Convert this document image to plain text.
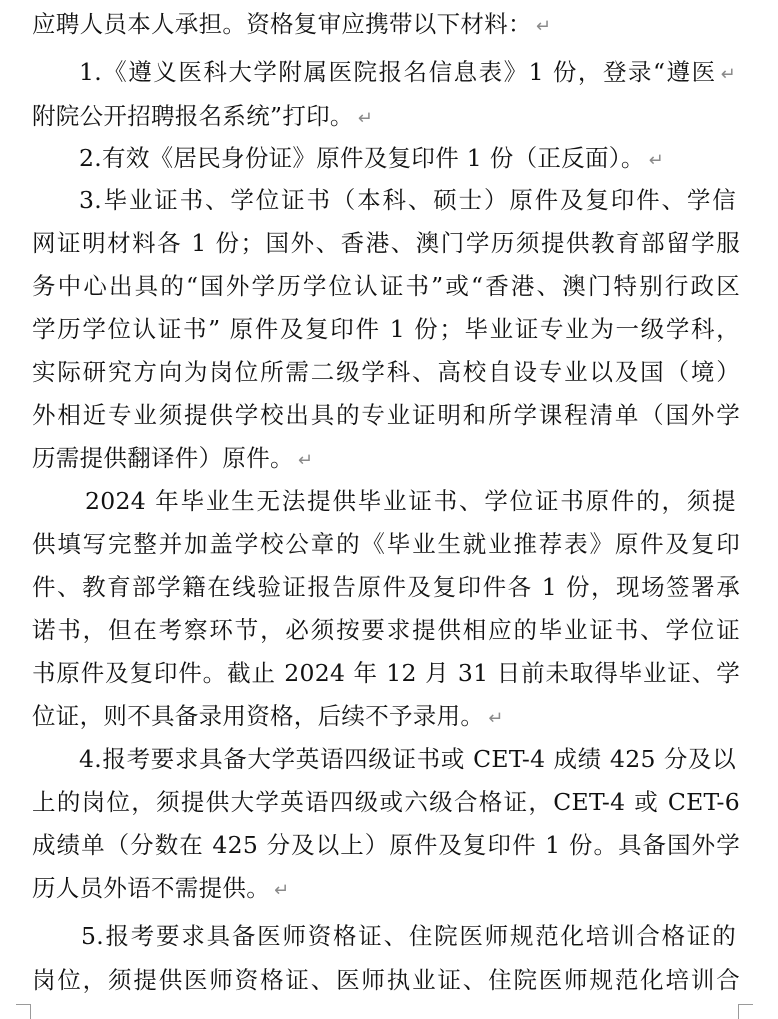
应聘人员本人承担。资格复审应携带以下材料： ↵
1.《遵义医科大学附属医院报名信息表》1 份，登录“遵医 ↵
附院公开招聘报名系统”打印。 ↵
2.有效《居民身份证》原件及复印件 1 份（正反面）。 ↵
3.毕业证书、学位证书（本科、硕士）原件及复印件、学信
网证明材料各 1 份；国外、香港、澳门学历须提供教育部留学服
务中心出具的“国外学历学位认证书”或“香港、澳门特别行政区
学历学位认证书” 原件及复印件 1 份；毕业证专业为一级学科，
实际研究方向为岗位所需二级学科、高校自设专业以及国（境）
外相近专业须提供学校出具的专业证明和所学课程清单（国外学
历需提供翻译件）原件。 ↵
2024 年毕业生无法提供毕业证书、学位证书原件的，须提
供填写完整并加盖学校公章的《毕业生就业推荐表》原件及复印
件、教育部学籍在线验证报告原件及复印件各 1 份，现场签署承
诺书，但在考察环节，必须按要求提供相应的毕业证书、学位证
书原件及复印件。截止 2024 年 12 月 31 日前未取得毕业证、学
位证，则不具备录用资格，后续不予录用。 ↵
4.报考要求具备大学英语四级证书或 CET-4 成绩 425 分及以
上的岗位，须提供大学英语四级或六级合格证，CET-4 或 CET-6
成绩单（分数在 425 分及以上）原件及复印件 1 份。具备国外学
历人员外语不需提供。 ↵
5.报考要求具备医师资格证、住院医师规范化培训合格证的
岗位，须提供医师资格证、医师执业证、住院医师规范化培训合
